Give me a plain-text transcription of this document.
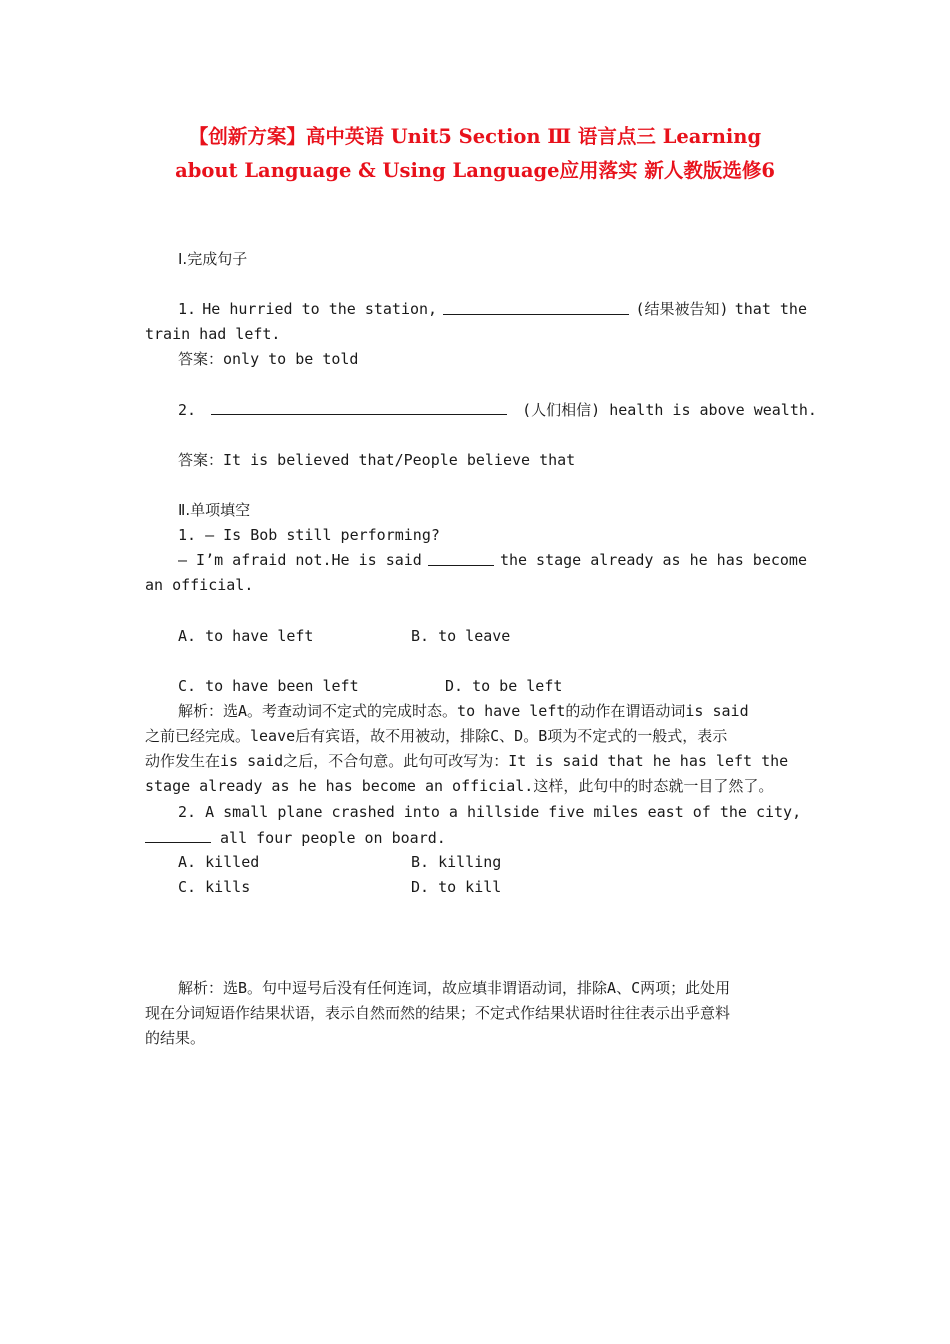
【创新方案】高中英语 Unit5 Section Ⅲ 语言点三 Learning
about Language & Using Language应用落实 新人教版选修6
Ⅰ.完成句子
1. He hurried to the station,	(结果被告知) that the
train had left.
答案：only to be told
2.	(人们相信) health is above wealth.
答案：It is believed that/People believe that
Ⅱ.单项填空
1. — Is Bob still performing?
— I’m afraid not.He is said	the stage already as he has become
an official.
A. to have left	B. to leave
C. to have been left	D. to be left
解析：选A。考查动词不定式的完成时态。to have left的动作在谓语动词is said
之前已经完成。leave后有宾语，故不用被动，排除C、D。B项为不定式的一般式，表示
动作发生在is said之后，不合句意。此句可改写为：It is said that he has left the
stage already as he has become an official.这样，此句中的时态就一目了然了。
2. A small plane crashed into a hillside five miles east of the city,
all four people on board.
A. killed	B. killing
C. kills	D. to kill
解析：选B。句中逗号后没有任何连词，故应填非谓语动词，排除A、C两项；此处用
现在分词短语作结果状语，表示自然而然的结果；不定式作结果状语时往往表示出乎意料
的结果。
